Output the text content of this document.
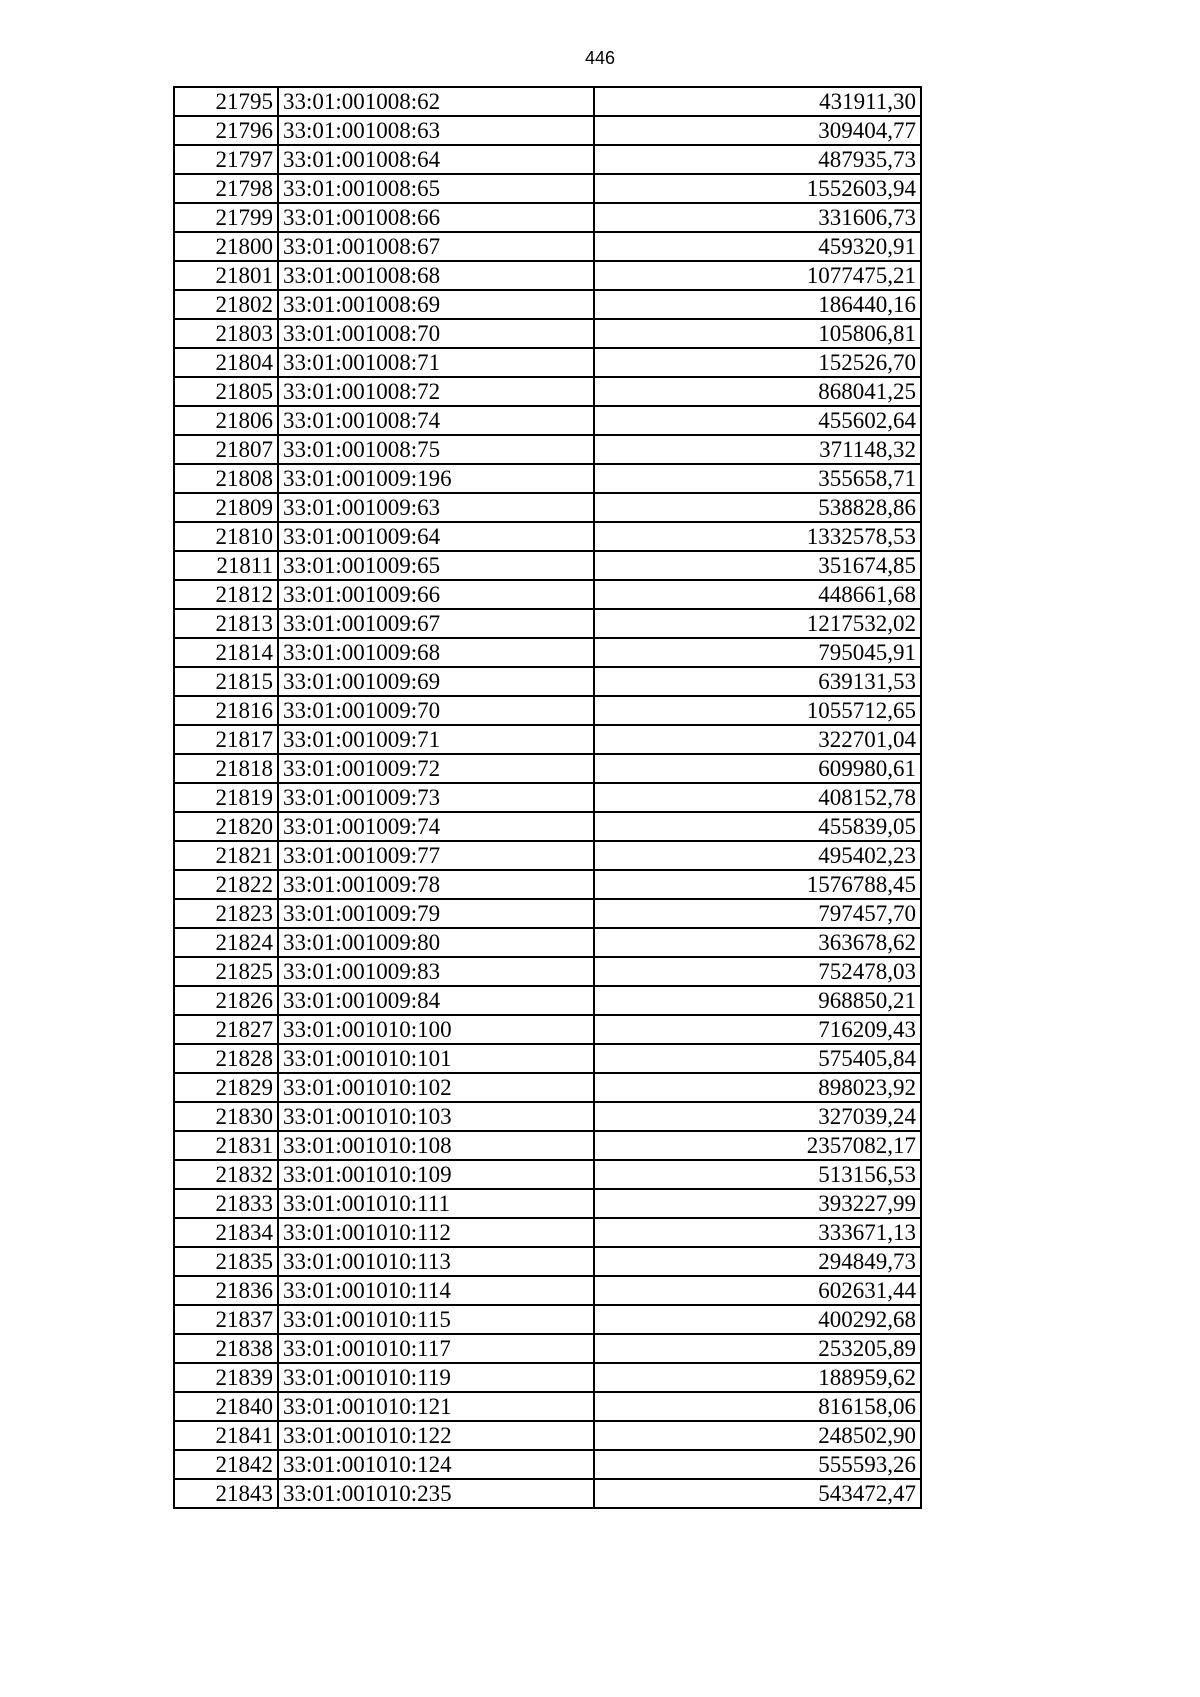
446
21795	33:01:001008:62	431911,30
21796	33:01:001008:63	309404,77
21797	33:01:001008:64	487935,73
21798	33:01:001008:65	1552603,94
21799	33:01:001008:66	331606,73
21800	33:01:001008:67	459320,91
21801	33:01:001008:68	1077475,21
21802	33:01:001008:69	186440,16
21803	33:01:001008:70	105806,81
21804	33:01:001008:71	152526,70
21805	33:01:001008:72	868041,25
21806	33:01:001008:74	455602,64
21807	33:01:001008:75	371148,32
21808	33:01:001009:196	355658,71
21809	33:01:001009:63	538828,86
21810	33:01:001009:64	1332578,53
21811	33:01:001009:65	351674,85
21812	33:01:001009:66	448661,68
21813	33:01:001009:67	1217532,02
21814	33:01:001009:68	795045,91
21815	33:01:001009:69	639131,53
21816	33:01:001009:70	1055712,65
21817	33:01:001009:71	322701,04
21818	33:01:001009:72	609980,61
21819	33:01:001009:73	408152,78
21820	33:01:001009:74	455839,05
21821	33:01:001009:77	495402,23
21822	33:01:001009:78	1576788,45
21823	33:01:001009:79	797457,70
21824	33:01:001009:80	363678,62
21825	33:01:001009:83	752478,03
21826	33:01:001009:84	968850,21
21827	33:01:001010:100	716209,43
21828	33:01:001010:101	575405,84
21829	33:01:001010:102	898023,92
21830	33:01:001010:103	327039,24
21831	33:01:001010:108	2357082,17
21832	33:01:001010:109	513156,53
21833	33:01:001010:111	393227,99
21834	33:01:001010:112	333671,13
21835	33:01:001010:113	294849,73
21836	33:01:001010:114	602631,44
21837	33:01:001010:115	400292,68
21838	33:01:001010:117	253205,89
21839	33:01:001010:119	188959,62
21840	33:01:001010:121	816158,06
21841	33:01:001010:122	248502,90
21842	33:01:001010:124	555593,26
21843	33:01:001010:235	543472,47
